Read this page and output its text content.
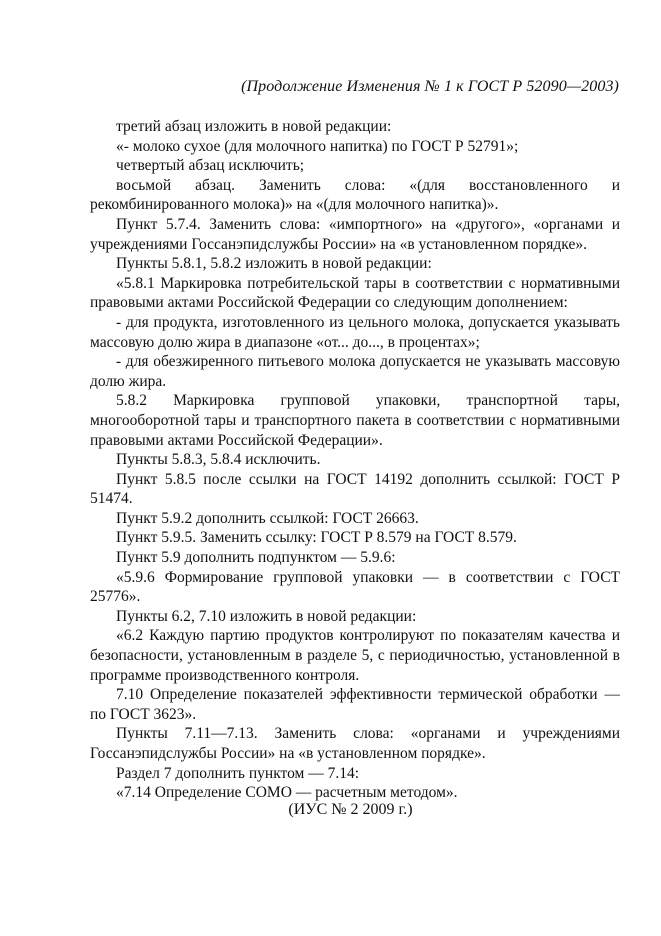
(Продолжение Изменения № 1 к ГОСТ Р 52090—2003)

третий абзац изложить в новой редакции:

«- молоко сухое (для молочного напитка) по ГОСТ Р 52791»;

четвертый абзац исключить;

восьмой абзац. Заменить слова: «(для восстановленного и рекомбинированного молока)» на «(для молочного напитка)».

Пункт 5.7.4. Заменить слова: «импортного» на «другого», «органами и учреждениями Госсанэпидслужбы России» на «в установленном порядке».

Пункты 5.8.1, 5.8.2 изложить в новой редакции:

«5.8.1 Маркировка потребительской тары в соответствии с нормативными правовыми актами Российской Федерации со следующим дополнением:

- для продукта, изготовленного из цельного молока, допускается указывать массовую долю жира в диапазоне «от... до..., в процентах»;

- для обезжиренного питьевого молока допускается не указывать массовую долю жира.

5.8.2 Маркировка групповой упаковки, транспортной тары, многооборотной тары и транспортного пакета в соответствии с нормативными правовыми актами Российской Федерации».

Пункты 5.8.3, 5.8.4 исключить.

Пункт 5.8.5 после ссылки на ГОСТ 14192 дополнить ссылкой: ГОСТ Р 51474.

Пункт 5.9.2 дополнить ссылкой: ГОСТ 26663.

Пункт 5.9.5. Заменить ссылку: ГОСТ Р 8.579 на ГОСТ 8.579.

Пункт 5.9 дополнить подпунктом — 5.9.6:

«5.9.6 Формирование групповой упаковки — в соответствии с ГОСТ 25776».

Пункты 6.2, 7.10 изложить в новой редакции:

«6.2 Каждую партию продуктов контролируют по показателям качества и безопасности, установленным в разделе 5, с периодичностью, установленной в программе производственного контроля.

7.10 Определение показателей эффективности термической обработки — по ГОСТ 3623».

Пункты 7.11—7.13. Заменить слова: «органами и учреждениями Госсанэпидслужбы России» на «в установленном порядке».

Раздел 7 дополнить пунктом — 7.14:

«7.14 Определение СОМО — расчетным методом».

(ИУС № 2 2009 г.)
